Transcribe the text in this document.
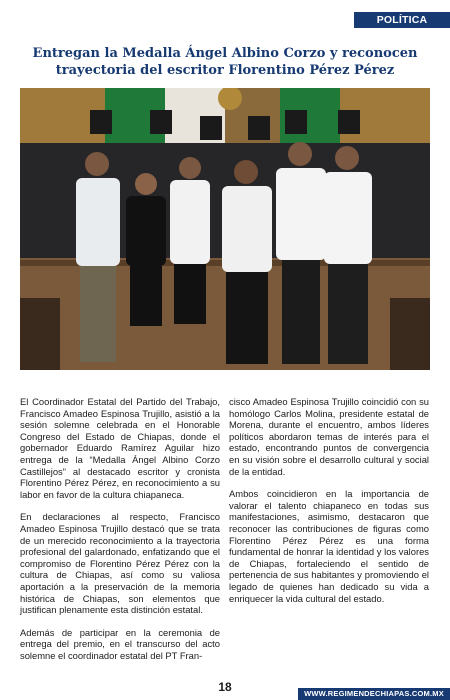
POLÍTICA
Entregan la Medalla Ángel Albino Corzo y reconocen trayectoria del escritor Florentino Pérez Pérez

El Coordinador Estatal del Partido del Trabajo, Francisco Amadeo Espinosa Trujillo, asistió a la sesión solemne celebrada en el Honorable Congreso del Estado de Chiapas, donde el gobernador Eduardo Ramírez Aguilar hizo entrega de la “Medalla Ángel Albino Corzo Castillejos” al destacado escritor y cronista Florentino Pérez Pérez, en reconocimiento a su labor en favor de la cultura chiapaneca.

En declaraciones al respecto, Francisco Amadeo Espinosa Trujillo destacó que se trata de un merecido reconocimiento a la trayectoria profesional del galardonado, enfatizando que el compromiso de Florentino Pérez Pérez con la cultura de Chiapas, así como su valiosa aportación a la preservación de la memoria histórica de Chiapas, son elementos que justifican plenamente esta distinción estatal.

Además de participar en la ceremonia de entrega del premio, en el transcurso del acto solemne el coordinador estatal del PT Fran-

cisco Amadeo Espinosa Trujillo coincidió con su homólogo Carlos Molina, presidente estatal de Morena, durante el encuentro, ambos líderes políticos abordaron temas de interés para el estado, encontrando puntos de convergencia en su visión sobre el desarrollo cultural y social de la entidad.

Ambos coincidieron en la importancia de valorar el talento chiapaneco en todas sus manifestaciones, asimismo, destacaron que reconocer las contribuciones de figuras como Florentino Pérez Pérez es una forma fundamental de honrar la identidad y los valores de Chiapas, fortaleciendo el sentido de pertenencia de sus habitantes y promoviendo el legado de quienes han dedicado su vida a enriquecer la vida cultural del estado.

18	WWW.REGIMENDECHIAPAS.COM.MX
